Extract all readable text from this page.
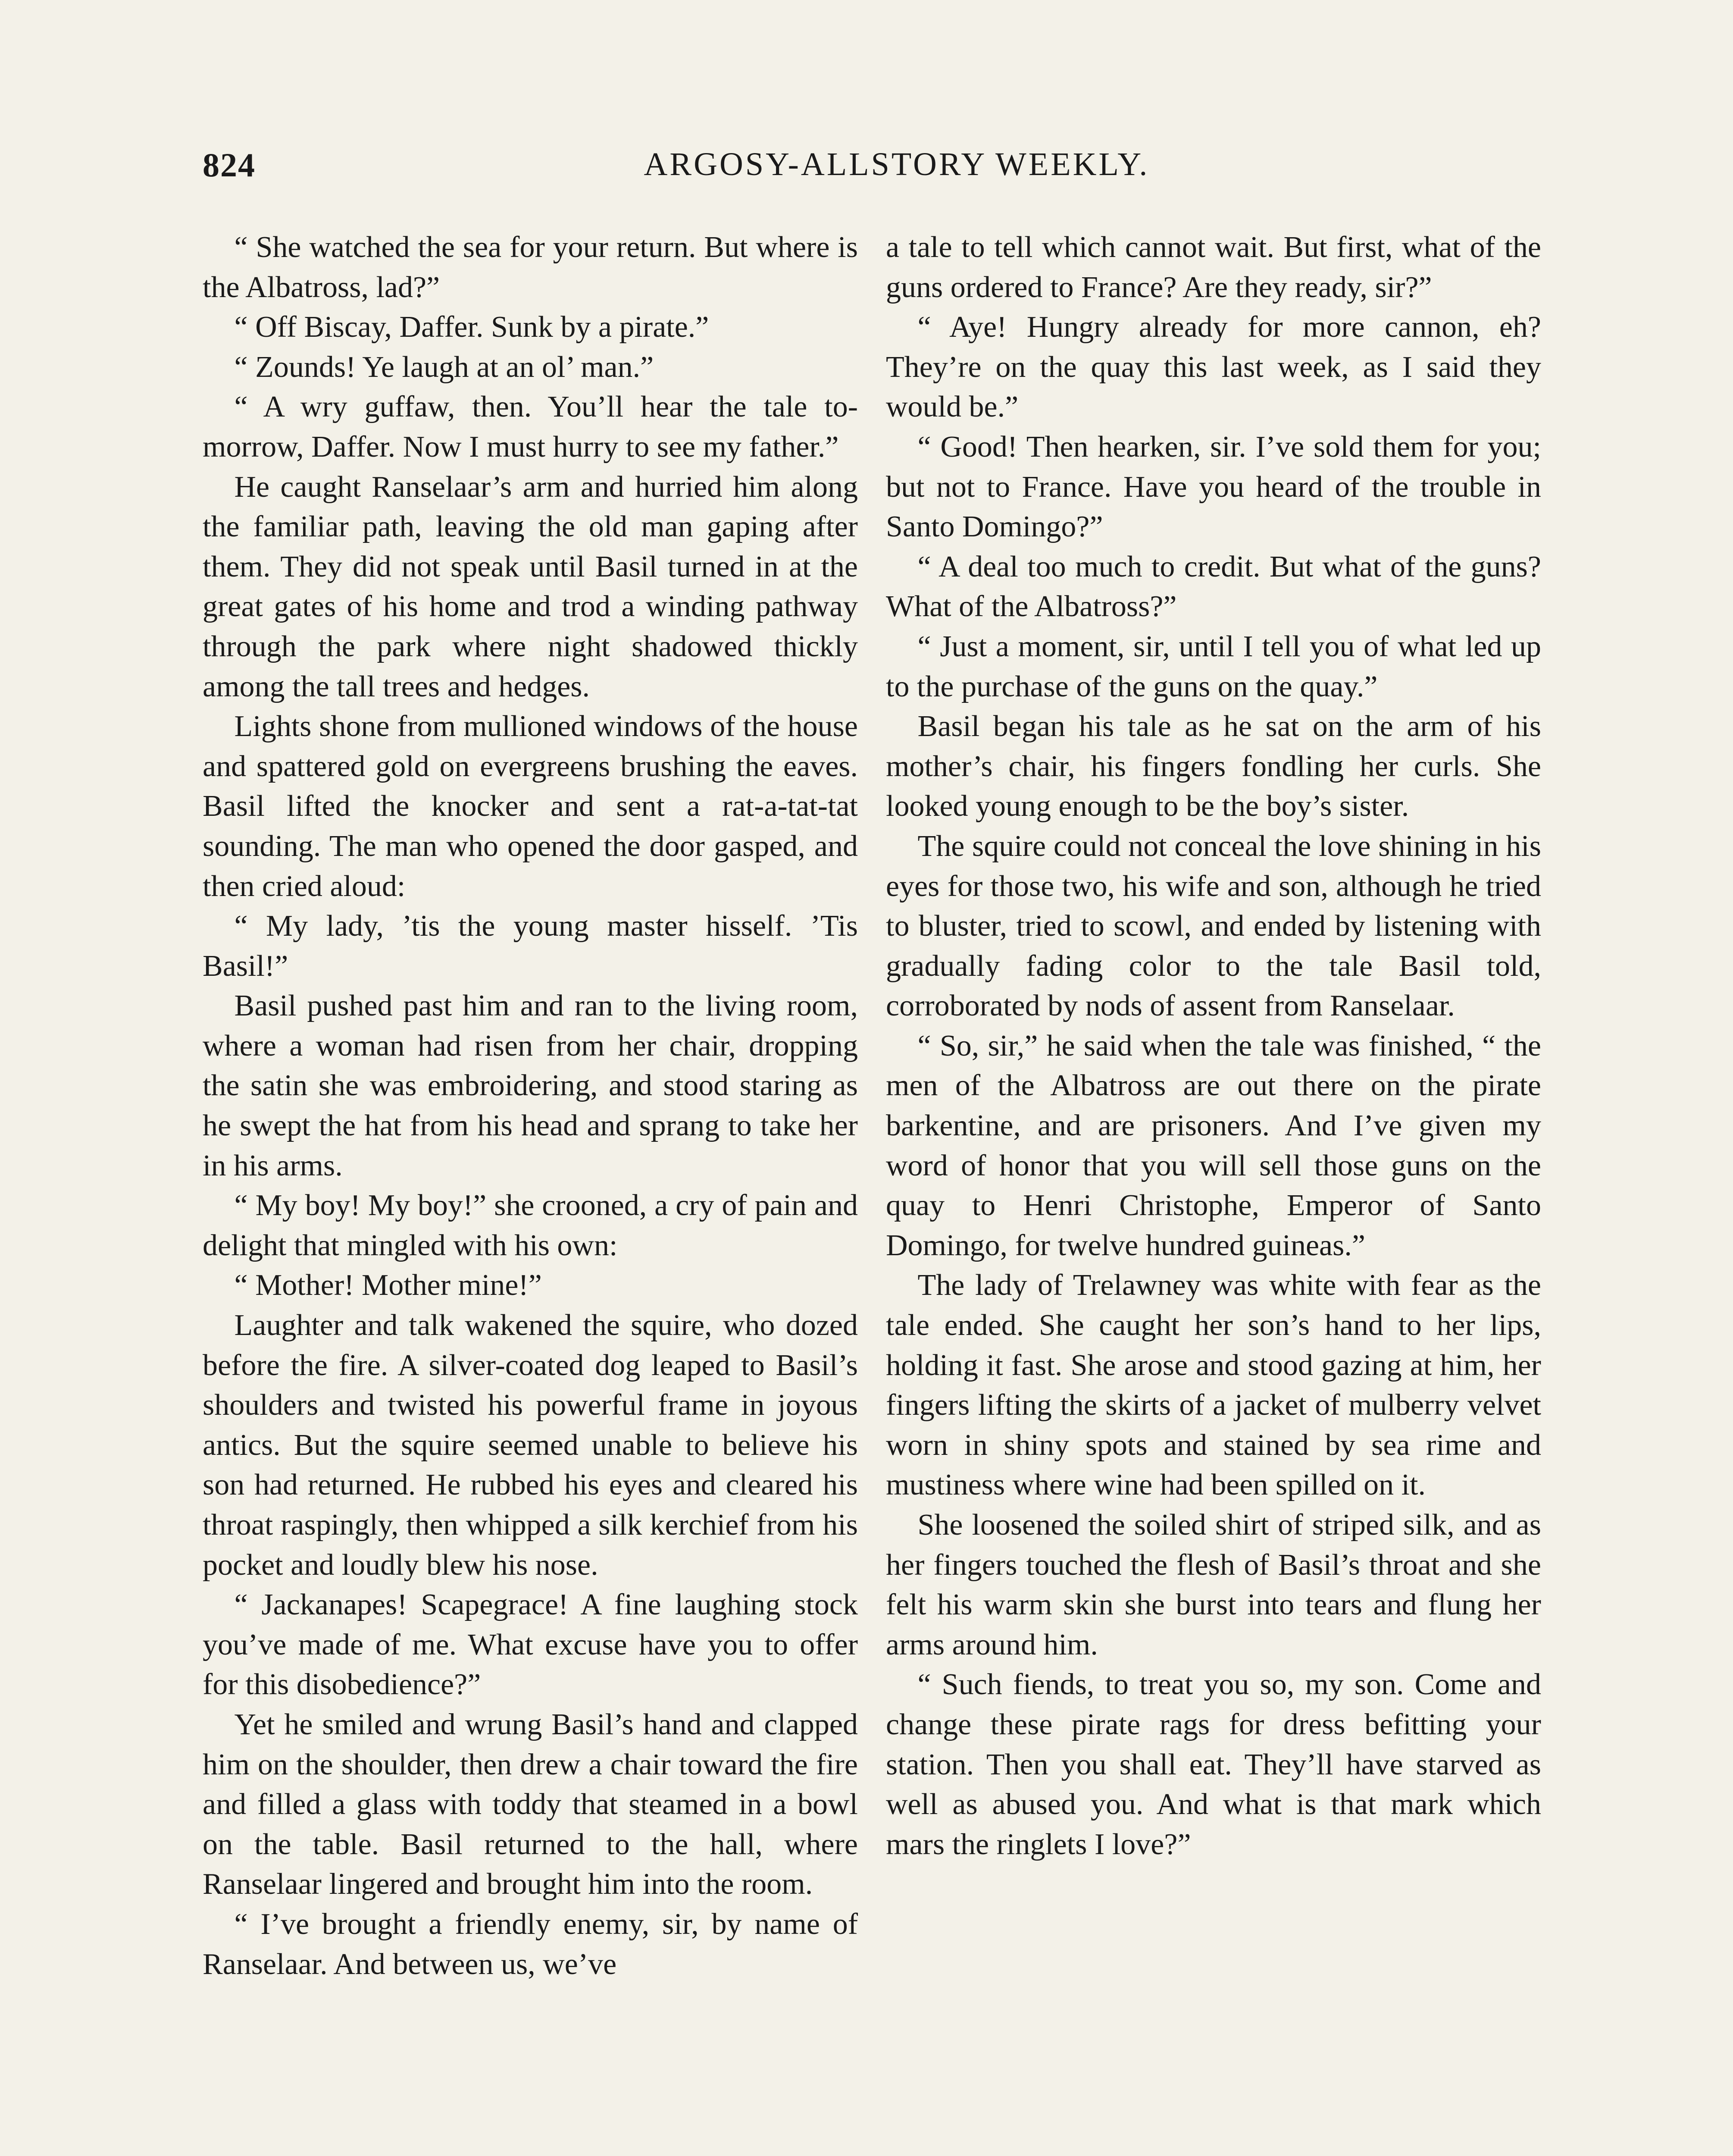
824	ARGOSY-ALLSTORY WEEKLY.

“ She watched the sea for your return. But where is the Albatross, lad?”

“ Off Biscay, Daffer. Sunk by a pirate.”

“ Zounds! Ye laugh at an ol’ man.”

“ A wry guffaw, then. You’ll hear the tale to-morrow, Daffer. Now I must hurry to see my father.”

He caught Ranselaar’s arm and hurried him along the familiar path, leaving the old man gaping after them. They did not speak until Basil turned in at the great gates of his home and trod a winding pathway through the park where night shadowed thickly among the tall trees and hedges.

Lights shone from mullioned windows of the house and spattered gold on evergreens brushing the eaves. Basil lifted the knocker and sent a rat-a-tat-tat sounding. The man who opened the door gasped, and then cried aloud:

“ My lady, ’tis the young master hisself. ’Tis Basil!”

Basil pushed past him and ran to the living room, where a woman had risen from her chair, dropping the satin she was embroidering, and stood staring as he swept the hat from his head and sprang to take her in his arms.

“ My boy! My boy!” she crooned, a cry of pain and delight that mingled with his own:

“ Mother! Mother mine!”

Laughter and talk wakened the squire, who dozed before the fire. A silver-coated dog leaped to Basil’s shoulders and twisted his powerful frame in joyous antics. But the squire seemed unable to believe his son had returned. He rubbed his eyes and cleared his throat raspingly, then whipped a silk kerchief from his pocket and loudly blew his nose.

“ Jackanapes! Scapegrace! A fine laughing stock you’ve made of me. What excuse have you to offer for this disobedience?”

Yet he smiled and wrung Basil’s hand and clapped him on the shoulder, then drew a chair toward the fire and filled a glass with toddy that steamed in a bowl on the table. Basil returned to the hall, where Ranselaar lingered and brought him into the room.

“ I’ve brought a friendly enemy, sir, by name of Ranselaar. And between us, we’ve

a tale to tell which cannot wait. But first, what of the guns ordered to France? Are they ready, sir?”

“ Aye! Hungry already for more cannon, eh? They’re on the quay this last week, as I said they would be.”

“ Good! Then hearken, sir. I’ve sold them for you; but not to France. Have you heard of the trouble in Santo Domingo?”

“ A deal too much to credit. But what of the guns? What of the Albatross?”

“ Just a moment, sir, until I tell you of what led up to the purchase of the guns on the quay.”

Basil began his tale as he sat on the arm of his mother’s chair, his fingers fondling her curls. She looked young enough to be the boy’s sister.

The squire could not conceal the love shining in his eyes for those two, his wife and son, although he tried to bluster, tried to scowl, and ended by listening with gradually fading color to the tale Basil told, corroborated by nods of assent from Ranselaar.

“ So, sir,” he said when the tale was finished, “ the men of the Albatross are out there on the pirate barkentine, and are prisoners. And I’ve given my word of honor that you will sell those guns on the quay to Henri Christophe, Emperor of Santo Domingo, for twelve hundred guineas.”

The lady of Trelawney was white with fear as the tale ended. She caught her son’s hand to her lips, holding it fast. She arose and stood gazing at him, her fingers lifting the skirts of a jacket of mulberry velvet worn in shiny spots and stained by sea rime and mustiness where wine had been spilled on it.

She loosened the soiled shirt of striped silk, and as her fingers touched the flesh of Basil’s throat and she felt his warm skin she burst into tears and flung her arms around him.

“ Such fiends, to treat you so, my son. Come and change these pirate rags for dress befitting your station. Then you shall eat. They’ll have starved as well as abused you. And what is that mark which mars the ringlets I love?”
